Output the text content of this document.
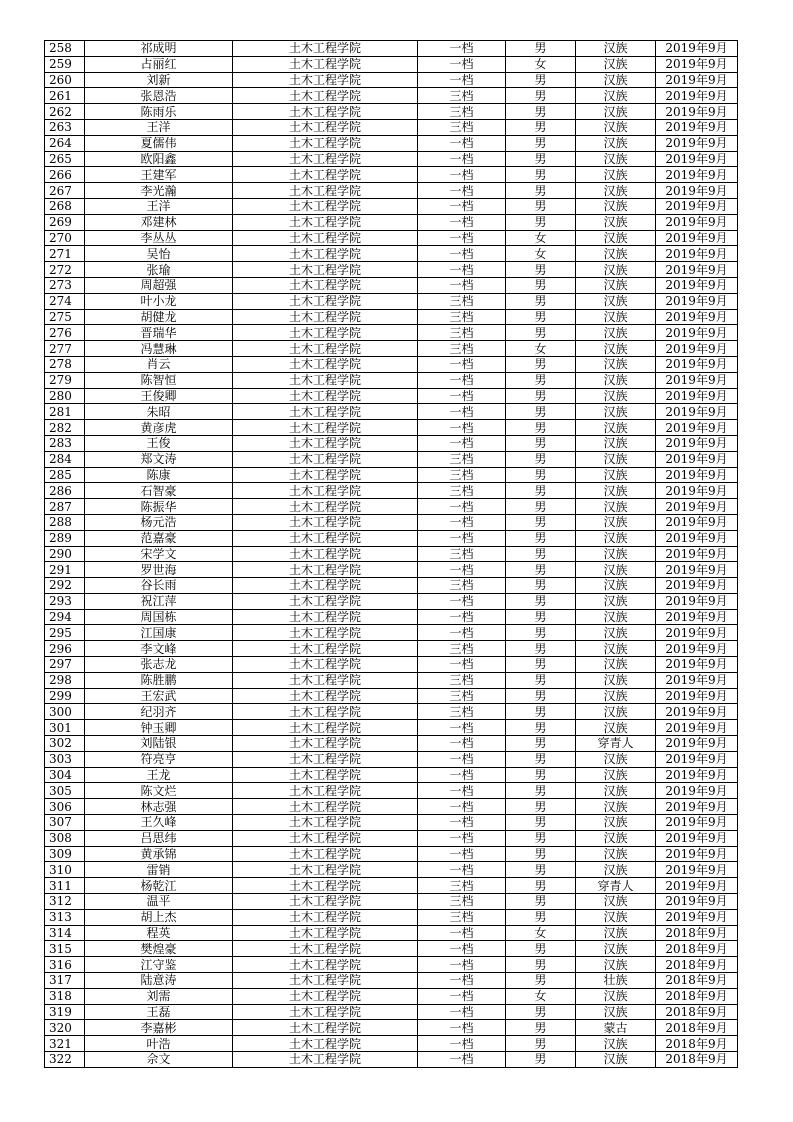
258	祁成明	土木工程学院	一档	男	汉族	2019年9月
259	占丽红	土木工程学院	一档	女	汉族	2019年9月
260	刘新	土木工程学院	一档	男	汉族	2019年9月
261	张恩浩	土木工程学院	三档	男	汉族	2019年9月
262	陈雨乐	土木工程学院	三档	男	汉族	2019年9月
263	王洋	土木工程学院	三档	男	汉族	2019年9月
264	夏儒伟	土木工程学院	一档	男	汉族	2019年9月
265	欧阳鑫	土木工程学院	一档	男	汉族	2019年9月
266	王建军	土木工程学院	一档	男	汉族	2019年9月
267	李光瀚	土木工程学院	一档	男	汉族	2019年9月
268	王洋	土木工程学院	一档	男	汉族	2019年9月
269	邓建林	土木工程学院	一档	男	汉族	2019年9月
270	李丛丛	土木工程学院	一档	女	汉族	2019年9月
271	吴怡	土木工程学院	一档	女	汉族	2019年9月
272	张瑜	土木工程学院	一档	男	汉族	2019年9月
273	周超强	土木工程学院	一档	男	汉族	2019年9月
274	叶小龙	土木工程学院	三档	男	汉族	2019年9月
275	胡健龙	土木工程学院	三档	男	汉族	2019年9月
276	晋瑞华	土木工程学院	三档	男	汉族	2019年9月
277	冯慧琳	土木工程学院	三档	女	汉族	2019年9月
278	肖云	土木工程学院	一档	男	汉族	2019年9月
279	陈智恒	土木工程学院	一档	男	汉族	2019年9月
280	王俊卿	土木工程学院	一档	男	汉族	2019年9月
281	朱昭	土木工程学院	一档	男	汉族	2019年9月
282	黄彦虎	土木工程学院	一档	男	汉族	2019年9月
283	王俊	土木工程学院	一档	男	汉族	2019年9月
284	郑文涛	土木工程学院	三档	男	汉族	2019年9月
285	陈康	土木工程学院	三档	男	汉族	2019年9月
286	石智豪	土木工程学院	三档	男	汉族	2019年9月
287	陈振华	土木工程学院	一档	男	汉族	2019年9月
288	杨元浩	土木工程学院	一档	男	汉族	2019年9月
289	范嘉豪	土木工程学院	一档	男	汉族	2019年9月
290	宋学文	土木工程学院	三档	男	汉族	2019年9月
291	罗世海	土木工程学院	一档	男	汉族	2019年9月
292	谷长雨	土木工程学院	三档	男	汉族	2019年9月
293	祝江萍	土木工程学院	一档	男	汉族	2019年9月
294	周国栋	土木工程学院	一档	男	汉族	2019年9月
295	江国康	土木工程学院	一档	男	汉族	2019年9月
296	李文峰	土木工程学院	三档	男	汉族	2019年9月
297	张志龙	土木工程学院	一档	男	汉族	2019年9月
298	陈胜鹏	土木工程学院	三档	男	汉族	2019年9月
299	王宏武	土木工程学院	三档	男	汉族	2019年9月
300	纪羽齐	土木工程学院	三档	男	汉族	2019年9月
301	钟玉卿	土木工程学院	一档	男	汉族	2019年9月
302	刘陆银	土木工程学院	一档	男	穿青人	2019年9月
303	符亮亨	土木工程学院	一档	男	汉族	2019年9月
304	王龙	土木工程学院	一档	男	汉族	2019年9月
305	陈文烂	土木工程学院	一档	男	汉族	2019年9月
306	林志强	土木工程学院	一档	男	汉族	2019年9月
307	王久峰	土木工程学院	一档	男	汉族	2019年9月
308	吕思纬	土木工程学院	一档	男	汉族	2019年9月
309	黄承锦	土木工程学院	一档	男	汉族	2019年9月
310	雷销	土木工程学院	一档	男	汉族	2019年9月
311	杨乾江	土木工程学院	三档	男	穿青人	2019年9月
312	温平	土木工程学院	三档	男	汉族	2019年9月
313	胡上杰	土木工程学院	三档	男	汉族	2019年9月
314	程英	土木工程学院	一档	女	汉族	2018年9月
315	樊煌豪	土木工程学院	一档	男	汉族	2018年9月
316	江守鉴	土木工程学院	一档	男	汉族	2018年9月
317	陆意涛	土木工程学院	一档	男	壮族	2018年9月
318	刘需	土木工程学院	一档	女	汉族	2018年9月
319	王磊	土木工程学院	一档	男	汉族	2018年9月
320	李嘉彬	土木工程学院	一档	男	蒙古	2018年9月
321	叶浩	土木工程学院	一档	男	汉族	2018年9月
322	佘文	土木工程学院	一档	男	汉族	2018年9月
